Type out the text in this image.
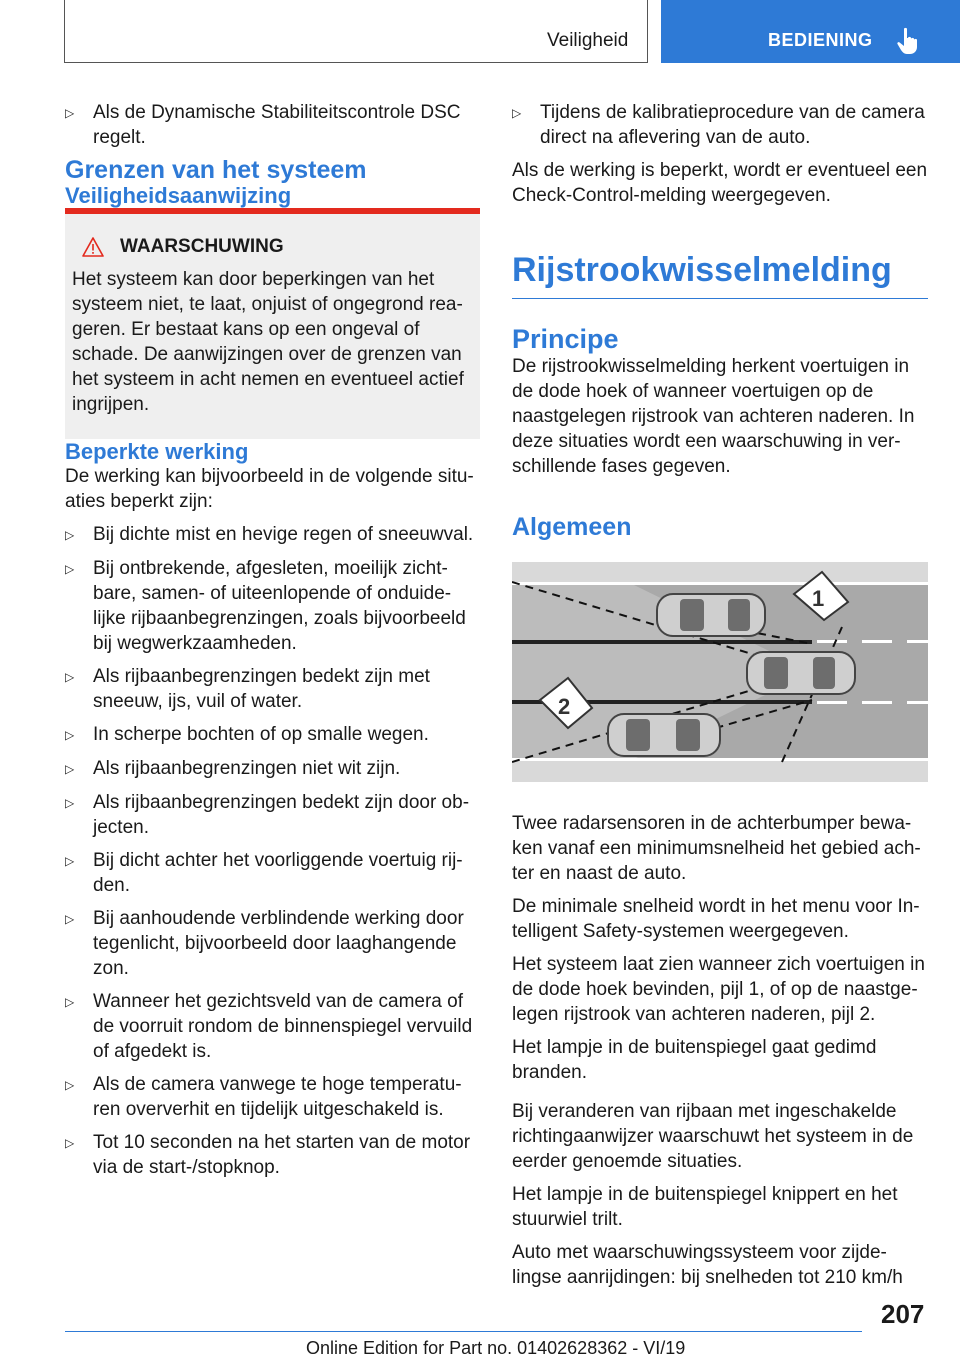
Veiligheid	BEDIENING
▷ Als de Dynamische Stabiliteitscontrole DSC regelt.
Grenzen van het systeem
Veiligheidsaanwijzing
WAARSCHUWING
Het systeem kan door beperkingen van het systeem niet, te laat, onjuist of ongegrond rea-geren. Er bestaat kans op een ongeval of schade. De aanwijzingen over de grenzen van het systeem in acht nemen en eventueel actief ingrijpen.
Beperkte werking

De werking kan bijvoorbeeld in de volgende situ-aties beperkt zijn:

▷ Bij dichte mist en hevige regen of sneeuwval.
▷ Bij ontbrekende, afgesleten, moeilijk zicht-bare, samen- of uiteenlopende of onduide-lijke rijbaanbegrenzingen, zoals bijvoorbeeld bij wegwerkzaamheden.
▷ Als rijbaanbegrenzingen bedekt zijn met sneeuw, ijs, vuil of water.
▷ In scherpe bochten of op smalle wegen.
▷ Als rijbaanbegrenzingen niet wit zijn.
▷ Als rijbaanbegrenzingen bedekt zijn door ob-jecten.
▷ Bij dicht achter het voorliggende voertuig rij-den.
▷ Bij aanhoudende verblindende werking door tegenlicht, bijvoorbeeld door laaghangende zon.
▷ Wanneer het gezichtsveld van de camera of de voorruit rondom de binnenspiegel vervuild of afgedekt is.
▷ Als de camera vanwege te hoge temperatu-ren oververhit en tijdelijk uitgeschakeld is.
▷ Tot 10 seconden na het starten van de motor via de start-/stopknop.
▷ Tijdens de kalibratieprocedure van de camera direct na aflevering van de auto.

Als de werking is beperkt, wordt er eventueel een Check-Control-melding weergegeven.

Rijstrookwisselmelding
Principe

De rijstrookwisselmelding herkent voertuigen in de dode hoek of wanneer voertuigen op de naastgelegen rijstrook van achteren naderen. In deze situaties wordt een waarschuwing in ver-schillende fases gegeven.

Algemeen
1
2

Twee radarsensoren in de achterbumper bewa-ken vanaf een minimumsnelheid het gebied ach-ter en naast de auto.

De minimale snelheid wordt in het menu voor In-telligent Safety-systemen weergegeven.

Het systeem laat zien wanneer zich voertuigen in de dode hoek bevinden, pijl 1, of op de naastge-legen rijstrook van achteren naderen, pijl 2.

Het lampje in de buitenspiegel gaat gedimd branden.

Bij veranderen van rijbaan met ingeschakelde richtingaanwijzer waarschuwt het systeem in de eerder genoemde situaties.

Het lampje in de buitenspiegel knippert en het stuurwiel trilt.

Auto met waarschuwingssysteem voor zijde-lingse aanrijdingen: bij snelheden tot 210 km/h

207
Online Edition for Part no. 01402628362 - VI/19
